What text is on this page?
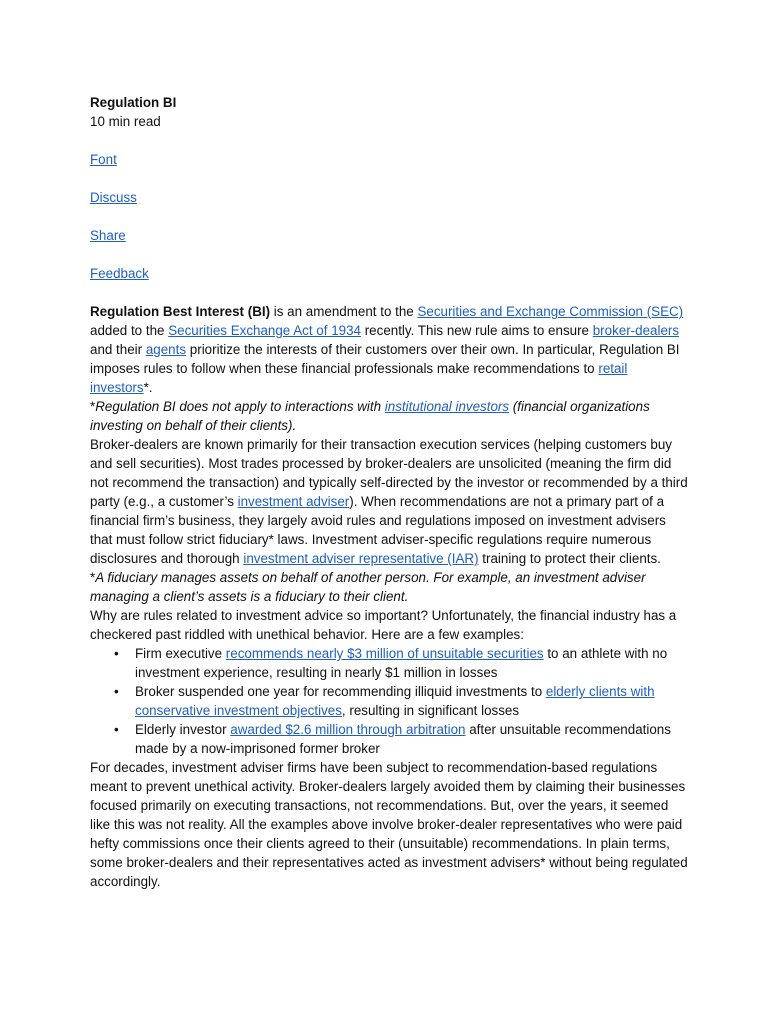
Regulation BI

10 min read

Font

Discuss

Share

Feedback

Regulation Best Interest (BI) is an amendment to the Securities and Exchange Commission (SEC) added to the Securities Exchange Act of 1934 recently. This new rule aims to ensure broker-dealers and their agents prioritize the interests of their customers over their own. In particular, Regulation BI imposes rules to follow when these financial professionals make recommendations to retail investors*.

*Regulation BI does not apply to interactions with institutional investors (financial organizations investing on behalf of their clients).

Broker-dealers are known primarily for their transaction execution services (helping customers buy and sell securities). Most trades processed by broker-dealers are unsolicited (meaning the firm did not recommend the transaction) and typically self-directed by the investor or recommended by a third party (e.g., a customer’s investment adviser). When recommendations are not a primary part of a financial firm’s business, they largely avoid rules and regulations imposed on investment advisers that must follow strict fiduciary* laws. Investment adviser-specific regulations require numerous disclosures and thorough investment adviser representative (IAR) training to protect their clients.

*A fiduciary manages assets on behalf of another person. For example, an investment adviser managing a client’s assets is a fiduciary to their client.

Why are rules related to investment advice so important? Unfortunately, the financial industry has a checkered past riddled with unethical behavior. Here are a few examples:

• Firm executive recommends nearly $3 million of unsuitable securities to an athlete with no investment experience, resulting in nearly $1 million in losses
• Broker suspended one year for recommending illiquid investments to elderly clients with conservative investment objectives, resulting in significant losses
• Elderly investor awarded $2.6 million through arbitration after unsuitable recommendations made by a now-imprisoned former broker

For decades, investment adviser firms have been subject to recommendation-based regulations meant to prevent unethical activity. Broker-dealers largely avoided them by claiming their businesses focused primarily on executing transactions, not recommendations. But, over the years, it seemed like this was not reality. All the examples above involve broker-dealer representatives who were paid hefty commissions once their clients agreed to their (unsuitable) recommendations. In plain terms, some broker-dealers and their representatives acted as investment advisers* without being regulated accordingly.
